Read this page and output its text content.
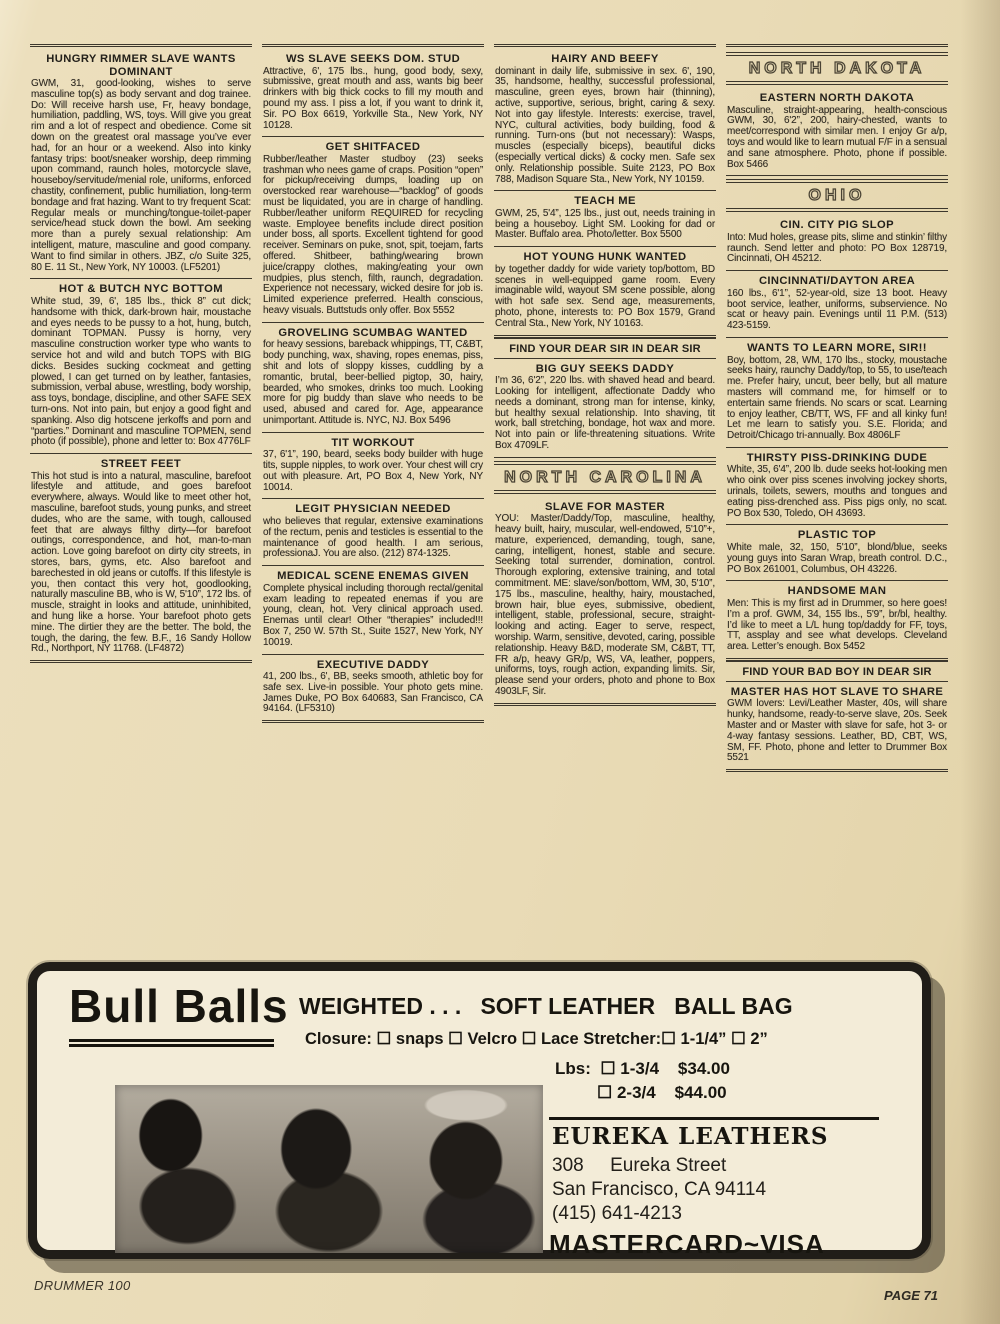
HUNGRY RIMMER SLAVE WANTS DOMINANT
GWM, 31, good-looking, wishes to serve masculine top(s) as body servant and dog trainee. Do: Will receive harsh use, Fr, heavy bondage, humiliation, paddling, WS, toys. Will give you great rim and a lot of respect and obedience. Come sit down on the greatest oral massage you’ve ever had, for an hour or a weekend. Also into kinky fantasy trips: boot/sneaker worship, deep rimming upon command, raunch holes, motorcycle slave, houseboy/servitude/menial role, uniforms, enforced chastity, confinement, public humiliation, long-term bondage and frat hazing. Want to try frequent Scat: Regular meals or munching/tongue-toilet-paper service/head stuck down the bowl. Am seeking more than a purely sexual relationship: Am intelligent, mature, masculine and good company. Want to find similar in others. JBZ, c/o Suite 325, 80 E. 11 St., New York, NY 10003. (LF5201)
HOT & BUTCH NYC BOTTOM
White stud, 39, 6', 185 lbs., thick 8” cut dick; handsome with thick, dark-brown hair, moustache and eyes needs to be pussy to a hot, hung, butch, dominant TOPMAN. Pussy is horny, very masculine construction worker type who wants to service hot and wild and butch TOPS with BIG dicks. Besides sucking cockmeat and getting plowed, I can get turned on by leather, fantasies, submission, verbal abuse, wrestling, body worship, ass toys, bondage, discipline, and other SAFE SEX turn-ons. Not into pain, but enjoy a good fight and spanking. Also dig hotscene jerkoffs and porn and “parties.” Dominant and masculine TOPMEN, send photo (if possible), phone and letter to: Box 4776LF
STREET FEET
This hot stud is into a natural, masculine, barefoot lifestyle and attitude, and goes barefoot everywhere, always. Would like to meet other hot, masculine, barefoot studs, young punks, and street dudes, who are the same, with tough, calloused feet that are always filthy dirty—for barefoot outings, correspondence, and hot, man-to-man action. Love going barefoot on dirty city streets, in stores, bars, gyms, etc. Also barefoot and barechested in old jeans or cutoffs. If this lifestyle is you, then contact this very hot, goodlooking, naturally masculine BB, who is W, 5'10”, 172 lbs. of muscle, straight in looks and attitude, uninhibited, and hung like a horse. Your barefoot photo gets mine. The dirtier they are the better. The bold, the tough, the daring, the few. B.F., 16 Sandy Hollow Rd., Northport, NY 11768. (LF4872)
WS SLAVE SEEKS DOM. STUD
Attractive, 6', 175 lbs., hung, good body, sexy, submissive, great mouth and ass, wants big beer drinkers with big thick cocks to fill my mouth and pound my ass. I piss a lot, if you want to drink it, Sir. PO Box 6619, Yorkville Sta., New York, NY 10128.
GET SHITFACED
Rubber/leather Master studboy (23) seeks trashman who nees game of craps. Position “open” for pickup/receiving dumps, loading up on overstocked rear warehouse—“backlog” of goods must be liquidated, you are in charge of handling. Rubber/leather uniform REQUIRED for recycling waste. Employee benefits include direct position under boss, all sports. Excellent tightend for good receiver. Seminars on puke, snot, spit, toejam, farts offered. Shitbeer, bathing/wearing brown juice/crappy clothes, making/eating your own mudpies, plus stench, filth, raunch, degradation. Experience not necessary, wicked desire for job is. Limited experience preferred. Health conscious, heavy visuals. Buttstuds only offer. Box 5552
GROVELING SCUMBAG WANTED
for heavy sessions, bareback whippings, TT, C&BT, body punching, wax, shaving, ropes enemas, piss, shit and lots of sloppy kisses, cuddling by a romantic, brutal, beer-bellied pigtop, 30, hairy, bearded, who smokes, drinks too much. Looking more for pig buddy than slave who needs to be used, abused and cared for. Age, appearance unimportant. Attitude is. NYC, NJ. Box 5496
TIT WORKOUT
37, 6'1”, 190, beard, seeks body builder with huge tits, supple nipples, to work over. Your chest will cry out with pleasure. Art, PO Box 4, New York, NY 10014.
LEGIT PHYSICIAN NEEDED
who believes that regular, extensive examinations of the rectum, penis and testicles is essential to the maintenance of good health. I am serious, professionaJ. You are also. (212) 874-1325.
MEDICAL SCENE ENEMAS GIVEN
Complete physical including thorough rectal/genital exam leading to repeated enemas if you are young, clean, hot. Very clinical approach used. Enemas until clear! Other “therapies” included!!! Box 7, 250 W. 57th St., Suite 1527, New York, NY 10019.
EXECUTIVE DADDY
41, 200 lbs., 6', BB, seeks smooth, athletic boy for safe sex. Live-in possible. Your photo gets mine. James Duke, PO Box 640683, San Francisco, CA 94164. (LF5310)
HAIRY AND BEEFY
dominant in daily life, submissive in sex. 6', 190, 35, handsome, healthy, successful professional, masculine, green eyes, brown hair (thinning), active, supportive, serious, bright, caring & sexy. Not into gay lifestyle. Interests: exercise, travel, NYC, cultural activities, body building, food & running. Turn-ons (but not necessary): Wasps, muscles (especially biceps), beautiful dicks (especially vertical dicks) & cocky men. Safe sex only. Relationship possible. Suite 2123, PO Box 788, Madison Square Sta., New York, NY 10159.
TEACH ME
GWM, 25, 5'4”, 125 lbs., just out, needs training in being a houseboy. Light SM. Looking for dad or Master. Buffalo area. Photo/letter. Box 5500
HOT YOUNG HUNK WANTED
by together daddy for wide variety top/bottom, BD scenes in well-equipped game room. Every imaginable wild, wayout SM scene possible, along with hot safe sex. Send age, measurements, photo, phone, interests to: PO Box 1579, Grand Central Sta., New York, NY 10163.
FIND YOUR DEAR SIR IN DEAR SIR
BIG GUY SEEKS DADDY
I’m 36, 6'2”, 220 lbs. with shaved head and beard. Looking for intelligent, affectionate Daddy who needs a dominant, strong man for intense, kinky, but healthy sexual relationship. Into shaving, tit work, ball stretching, bondage, hot wax and more. Not into pain or life-threatening situations. Write Box 4709LF.
NORTH CAROLINA
SLAVE FOR MASTER
YOU: Master/Daddy/Top, masculine, healthy, heavy built, hairy, muscular, well-endowed, 5'10”+, mature, experienced, demanding, tough, sane, caring, intelligent, honest, stable and secure. Seeking total surrender, domination, control. Thorough exploring, extensive training, and total commitment. ME: slave/son/bottom, WM, 30, 5'10”, 175 lbs., masculine, healthy, hairy, moustached, brown hair, blue eyes, submissive, obedient, intelligent, stable, professional, secure, straight-looking and acting. Eager to serve, respect, worship. Warm, sensitive, devoted, caring, possible relationship. Heavy B&D, moderate SM, C&BT, TT, FR a/p, heavy GR/p, WS, VA, leather, poppers, uniforms, toys, rough action, expanding limits. Sir, please send your orders, photo and phone to Box 4903LF, Sir.
NORTH DAKOTA
EASTERN NORTH DAKOTA
Masculine, straight-appearing, health-conscious GWM, 30, 6'2”, 200, hairy-chested, wants to meet/correspond with similar men. I enjoy Gr a/p, toys and would like to learn mutual F/F in a sensual and sane atmosphere. Photo, phone if possible. Box 5466
OHIO
CIN. CITY PIG SLOP
Into: Mud holes, grease pits, slime and stinkin’ filthy raunch. Send letter and photo: PO Box 128719, Cincinnati, OH 45212.
CINCINNATI/DAYTON AREA
160 lbs., 6'1”, 52-year-old, size 13 boot. Heavy boot service, leather, uniforms, subservience. No scat or heavy pain. Evenings until 11 P.M. (513) 423-5159.
WANTS TO LEARN MORE, SIR!!
Boy, bottom, 28, WM, 170 lbs., stocky, moustache seeks hairy, raunchy Daddy/top, to 55, to use/teach me. Prefer hairy, uncut, beer belly, but all mature masters will command me, for himself or to entertain same friends. No scars or scat. Learning to enjoy leather, CB/TT, WS, FF and all kinky fun! Let me learn to satisfy you. S.E. Florida; and Detroit/Chicago tri-annually. Box 4806LF
THIRSTY PISS-DRINKING DUDE
White, 35, 6'4”, 200 lb. dude seeks hot-looking men who oink over piss scenes involving jockey shorts, urinals, toilets, sewers, mouths and tongues and eating piss-drenched ass. Piss pigs only, no scat. PO Box 530, Toledo, OH 43693.
PLASTIC TOP
White male, 32, 150, 5'10”, blond/blue, seeks young guys into Saran Wrap, breath control. D.C., PO Box 261001, Columbus, OH 43226.
HANDSOME MAN
Men: This is my first ad in Drummer, so here goes! I’m a prof. GWM, 34, 155 lbs., 5'9”, br/bl, healthy. I’d like to meet a L/L hung top/daddy for FF, toys, TT, assplay and see what develops. Cleveland area. Letter’s enough. Box 5452
FIND YOUR BAD BOY IN DEAR SIR
MASTER HAS HOT SLAVE TO SHARE
GWM lovers: Levi/Leather Master, 40s, will share hunky, handsome, ready-to-serve slave, 20s. Seek Master and or Master with slave for safe, hot 3- or 4-way fantasy sessions. Leather, BD, CBT, WS, SM, FF. Photo, phone and letter to Drummer Box 5521
Bull Balls WEIGHTED . . .   SOFT LEATHER   BALL BAG
Closure: ☐ snaps ☐ Velcro ☐ Lace Stretcher:☐ 1-1/4” ☐ 2”
Lbs:  ☐ 1-3/4    $34.00
☐ 2-3/4    $44.00
EUREKA LEATHERS
308     Eureka Street
San Francisco, CA 94114
(415) 641-4213
MASTERCARD~VISA
DRUMMER 100
PAGE 71
